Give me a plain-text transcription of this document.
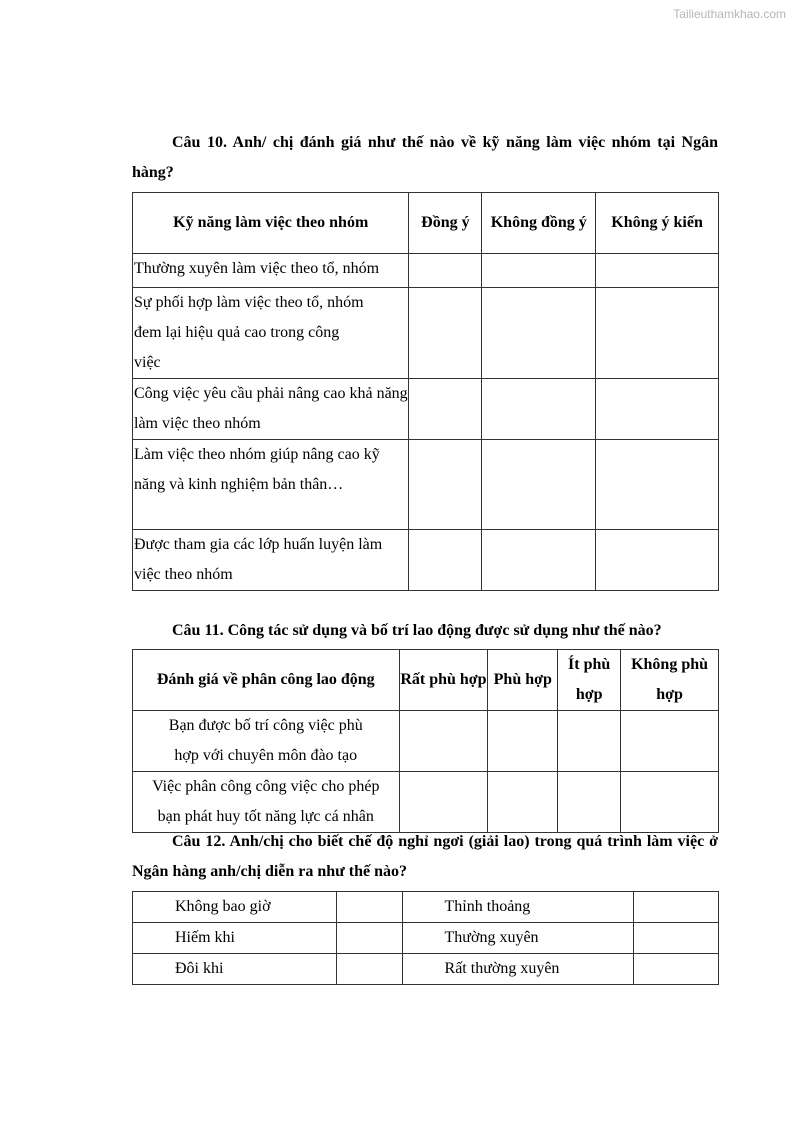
Tailieuthamkhao.com

Câu 10. Anh/ chị đánh giá như thế nào về kỹ năng làm việc nhóm tại Ngân hàng?

Kỹ năng làm việc theo nhóm	Đồng ý	Không đồng ý	Không ý kiến
Thường xuyên làm việc theo tổ, nhóm			
Sự phối hợp làm việc theo tổ, nhóm đem lại hiệu quả cao trong công việc			
Công việc yêu cầu phải nâng cao khả năng làm việc theo nhóm			
Làm việc theo nhóm giúp nâng cao kỹ năng và kinh nghiệm bản thân…			
Được tham gia các lớp huấn luyện làm việc theo nhóm			

Câu 11. Công tác sử dụng và bố trí lao động được sử dụng như thế nào?

Đánh giá về phân công lao động	Rất phù hợp	Phù hợp	Ít phù hợp	Không phù hợp
Bạn được bố trí công việc phù hợp với chuyên môn đào tạo				
Việc phân công công việc cho phép bạn phát huy tốt năng lực cá nhân				

Câu 12. Anh/chị cho biết chế độ nghỉ ngơi (giải lao) trong quá trình làm việc ở Ngân hàng anh/chị diễn ra như thế nào?

Không bao giờ		Thỉnh thoảng	
Hiếm khi		Thường xuyên	
Đôi khi		Rất thường xuyên	
